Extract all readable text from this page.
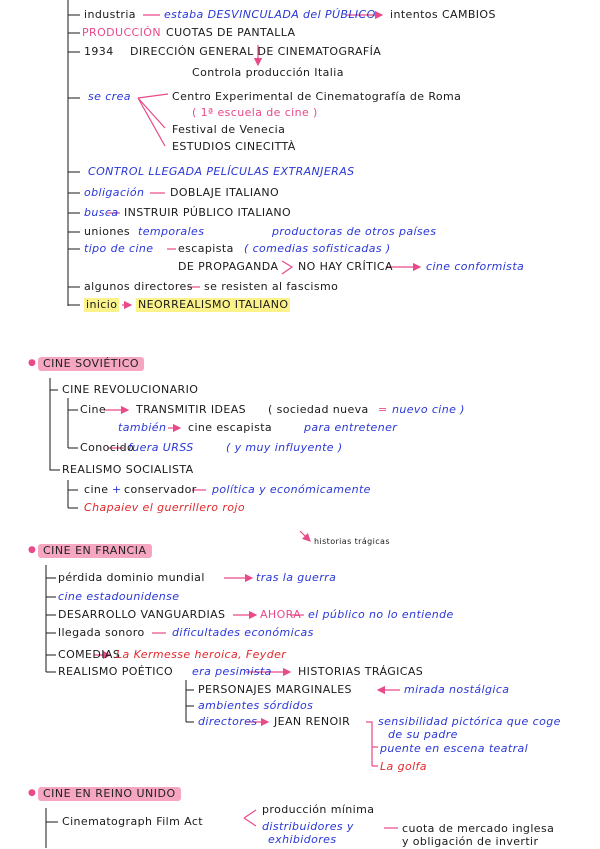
industria	estaba DESVINCULADA del PÚBLICO intentos CAMBIOS
PRODUCCIÓN CUOTAS DE PANTALLA
1934 DIRECCIÓN GENERAL DE CINEMATOGRAFÍA
Controla producción Italia
se crea	Centro Experimental de Cinematografía de Roma
( 1ª escuela de cine )
Festival de Venecia
ESTUDIOS CINECITTÀ
CONTROL LLEGADA PELÍCULAS EXTRANJERAS
obligación DOBLAJE ITALIANO
busca INSTRUIR PÚBLICO ITALIANO
uniones temporales	productoras de otros países
tipo de cine escapista ( comedias sofisticadas )
DE PROPAGANDA NO HAY CRÍTICA	cine conformista
algunos directores se resisten al fascismo
inicio NEORREALISMO ITALIANO
● CINE SOVIÉTICO
CINE REVOLUCIONARIO
Cine	TRANSMITIR IDEAS ( sociedad nueva = nuevo cine )
también cine escapista	para entretener
Conocido
fuera URSS	( y muy influyente )
REALISMO SOCIALISTA
cine + conservador política y económicamente
Chapaiev el guerrillero rojo
historias trágicas
● CINE EN FRANCIA
pérdida dominio mundial	tras la guerra
cine estadounidense
DESARROLLO VANGUARDIAS	AHORA el público no lo entiende
llegada sonoro dificultades económicas
COMEDIAS
La Kermesse heroica, Feyder
REALISMO POÉTICO era pesimista HISTORIAS TRÁGICAS
PERSONAJES MARGINALES	mirada nostálgica
ambientes sórdidos
directores JEAN RENOIR	sensibilidad pictórica que coge
de su padre
puente en escena teatral
La golfa
● CINE EN REINO UNIDO
Cinematograph Film Act
producción mínima
distribuidores y
exhibidores
cuota de mercado inglesa
y obligación de invertir
